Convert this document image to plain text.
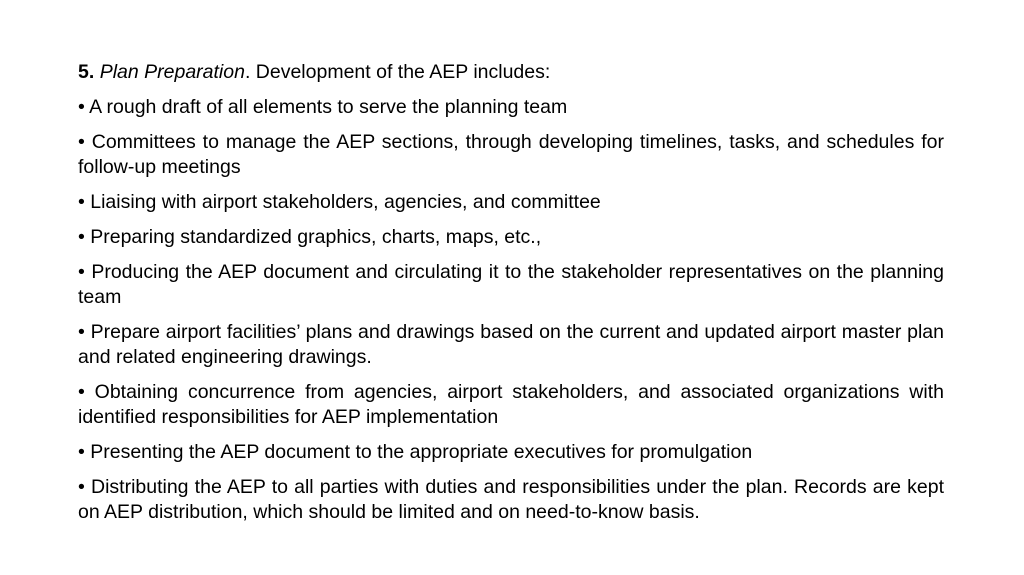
5. Plan Preparation. Development of the AEP includes:

• A rough draft of all elements to serve the planning team

• Committees to manage the AEP sections, through developing timelines, tasks, and schedules for follow-up meetings

• Liaising with airport stakeholders, agencies, and committee

• Preparing standardized graphics, charts, maps, etc.,

• Producing the AEP document and circulating it to the stakeholder representatives on the planning team

• Prepare airport facilities’ plans and drawings based on the current and updated airport master plan and related engineering drawings.

• Obtaining concurrence from agencies, airport stakeholders, and associated organizations with identified responsibilities for AEP implementation

• Presenting the AEP document to the appropriate executives for promulgation

• Distributing the AEP to all parties with duties and responsibilities under the plan. Records are kept on AEP distribution, which should be limited and on need-to-know basis.
